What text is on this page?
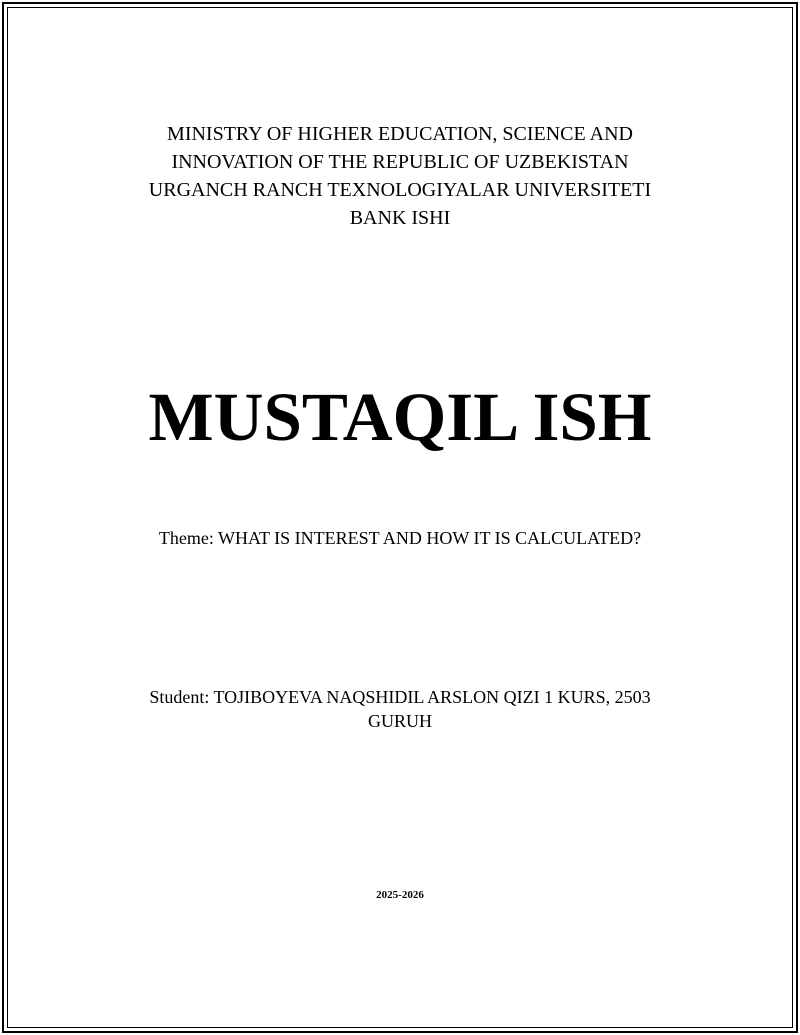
MINISTRY OF HIGHER EDUCATION, SCIENCE AND
INNOVATION OF THE REPUBLIC OF UZBEKISTAN
URGANCH RANCH TEXNOLOGIYALAR UNIVERSITETI
BANK ISHI
MUSTAQIL ISH
Theme: WHAT IS INTEREST AND HOW IT IS CALCULATED?
Student: TOJIBOYEVA NAQSHIDIL ARSLON QIZI 1 KURS, 2503 GURUH
2025-2026
